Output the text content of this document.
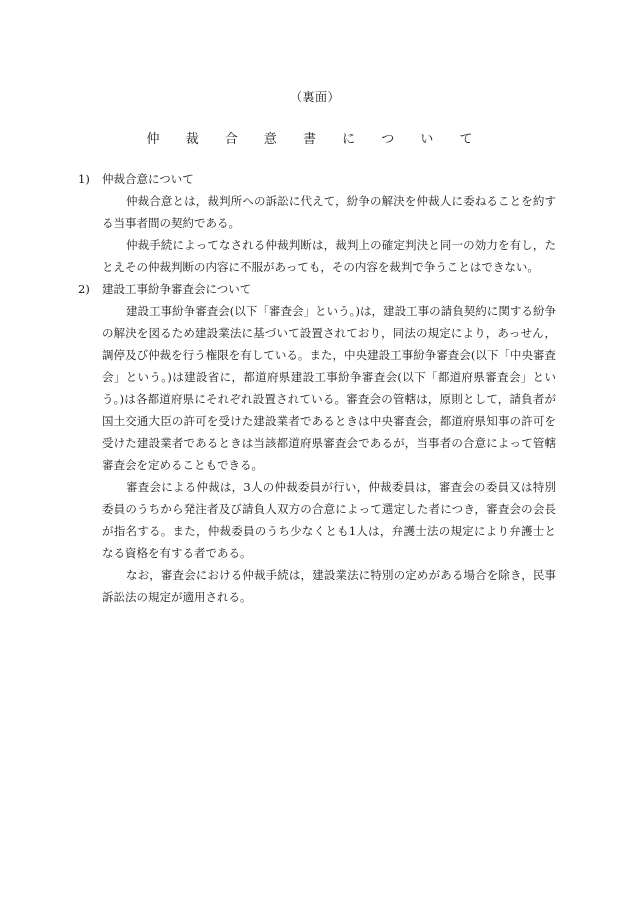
（裏面）
仲 裁 合 意 書 に つ い て
1) 仲裁合意について

仲裁合意とは，裁判所への訴訟に代えて，紛争の解決を仲裁人に委ねることを約する当事者間の契約である。

仲裁手続によってなされる仲裁判断は，裁判上の確定判決と同一の効力を有し，たとえその仲裁判断の内容に不服があっても，その内容を裁判で争うことはできない。

2) 建設工事紛争審査会について

建設工事紛争審査会(以下「審査会」という。)は，建設工事の請負契約に関する紛争の解決を図るため建設業法に基づいて設置されており，同法の規定により，あっせん，調停及び仲裁を行う権限を有している。また，中央建設工事紛争審査会(以下「中央審査会」という。)は建設省に，都道府県建設工事紛争審査会(以下「都道府県審査会」という。)は各都道府県にそれぞれ設置されている。審査会の管轄は，原則として，請負者が国土交通大臣の許可を受けた建設業者であるときは中央審査会，都道府県知事の許可を受けた建設業者であるときは当該都道府県審査会であるが，当事者の合意によって管轄審査会を定めることもできる。

審査会による仲裁は，3人の仲裁委員が行い，仲裁委員は，審査会の委員又は特別委員のうちから発注者及び請負人双方の合意によって選定した者につき，審査会の会長が指名する。また，仲裁委員のうち少なくとも1人は，弁護士法の規定により弁護士となる資格を有する者である。

なお，審査会における仲裁手続は，建設業法に特別の定めがある場合を除き，民事訴訟法の規定が適用される。
